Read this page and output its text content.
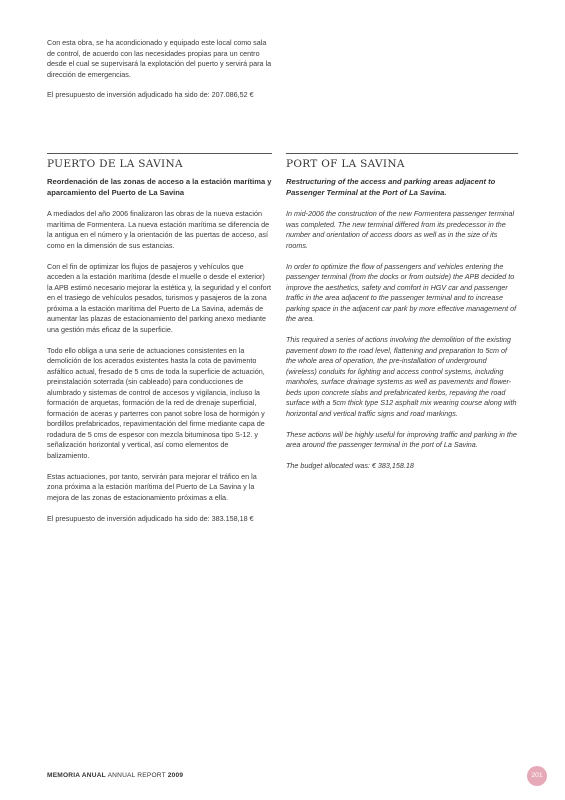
Con esta obra, se ha acondicionado y equipado este local como sala de control, de acuerdo con las necesidades propias para un centro desde el cual se supervisará la explotación del puerto y servirá para la dirección de emergencias.

El presupuesto de inversión adjudicado ha sido de: 207.086,52 €

PUERTO DE LA SAVINA

Reordenación de las zonas de acceso a la estación marítima y aparcamiento del Puerto de La Savina

A mediados del año 2006 finalizaron las obras de la nueva estación marítima de Formentera. La nueva estación marítima se diferencia de la antigua en el número y la orientación de las puertas de acceso, así como en la dimensión de sus estancias.

Con el fin de optimizar los flujos de pasajeros y vehículos que acceden a la estación marítima (desde el muelle o desde el exterior) la APB estimó necesario mejorar la estética y, la seguridad y el confort en el trasiego de vehículos pesados, turismos y pasajeros de la zona próxima a la estación marítima del Puerto de La Savina, además de aumentar las plazas de estacionamiento del parking anexo mediante una gestión más eficaz de la superficie.

Todo ello obliga a una serie de actuaciones consistentes en la demolición de los acerados existentes hasta la cota de pavimento asfáltico actual, fresado de 5 cms de toda la superficie de actuación, preinstalación soterrada (sin cableado) para conducciones de alumbrado y sistemas de control de accesos y vigilancia, incluso la formación de arquetas, formación de la red de drenaje superficial, formación de aceras y parterres con panot sobre losa de hormigón y bordillos prefabricados, repavimentación del firme mediante capa de rodadura de 5 cms de espesor con mezcla bituminosa tipo S-12. y señalización horizontal y vertical, así como elementos de balizamiento.

Estas actuaciones, por tanto, servirán para mejorar el tráfico en la zona próxima a la estación marítima del Puerto de La Savina y la mejora de las zonas de estacionamiento próximas a ella.

El presupuesto de inversión adjudicado ha sido de: 383.158,18 €

PORT OF LA SAVINA

Restructuring of the access and parking areas adjacent to Passenger Terminal at the Port of La Savina.

In mid-2006 the construction of the new Formentera passenger terminal was completed. The new terminal differed from its predecessor in the number and orientation of access doors as well as in the size of its rooms.

In order to optimize the flow of passengers and vehicles entering the passenger terminal (from the docks or from outside) the APB decided to improve the aesthetics, safety and comfort in HGV car and passenger traffic in the area adjacent to the passenger terminal and to increase parking space in the adjacent car park by more effective management of the area.

This required a series of actions involving the demolition of the existing pavement down to the road level, flattening and preparation to 5cm of the whole area of operation, the pre-installation of underground (wireless) conduits for lighting and access control systems, including manholes, surface drainage systems as well as pavements and flower-beds upon concrete slabs and prefabricated kerbs, repaving the road surface with a 5cm thick type S12 asphalt mix wearing course along with horizontal and vertical traffic signs and road markings.

These actions will be highly useful for improving traffic and parking in the area around the passenger terminal in the port of La Savina.

The budget allocated was: € 383,158.18

MEMORIA ANUAL ANNUAL REPORT 2009	201
